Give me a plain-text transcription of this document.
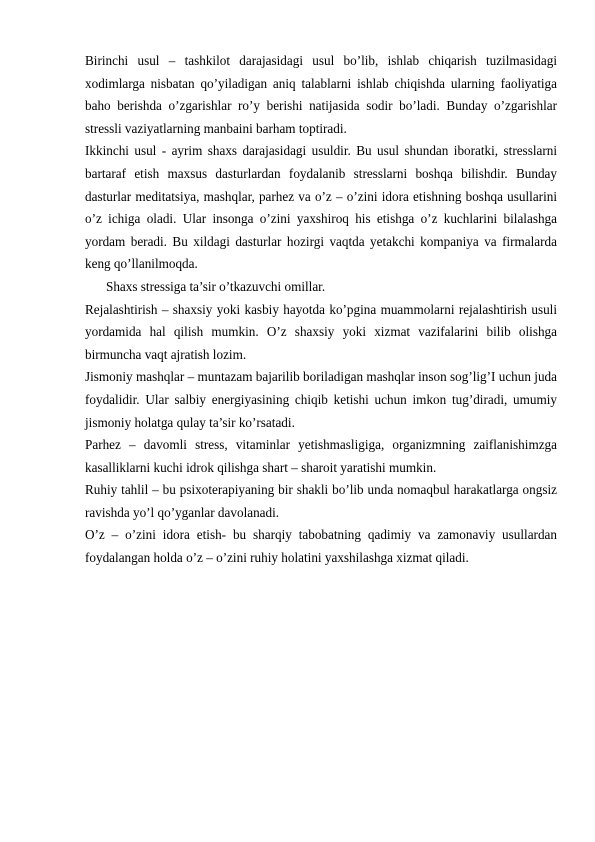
Birinchi usul – tashkilot darajasidagi usul bo’lib, ishlab chiqarish tuzilmasidagi xodimlarga nisbatan qo’yiladigan aniq talablarni ishlab chiqishda ularning faoliyatiga baho berishda o’zgarishlar ro’y berishi natijasida sodir bo’ladi. Bunday o’zgarishlar stressli vaziyatlarning manbaini barham toptiradi.

Ikkinchi usul - ayrim shaxs darajasidagi usuldir. Bu usul shundan iboratki, stresslarni bartaraf etish maxsus dasturlardan foydalanib stresslarni boshqa bilishdir. Bunday dasturlar meditatsiya, mashqlar, parhez va o’z – o’zini idora etishning boshqa usullarini o’z ichiga oladi. Ular insonga o’zini yaxshiroq his etishga o’z kuchlarini bilalashga yordam beradi. Bu xildagi dasturlar hozirgi vaqtda yetakchi kompaniya va firmalarda keng qo’llanilmoqda.

Shaxs stressiga ta’sir o’tkazuvchi omillar.

Rejalashtirish – shaxsiy yoki kasbiy hayotda ko’pgina muammolarni rejalashtirish usuli yordamida hal qilish mumkin. O’z shaxsiy yoki xizmat vazifalarini bilib olishga birmuncha vaqt ajratish lozim.

Jismoniy mashqlar – muntazam bajarilib boriladigan mashqlar inson sog’lig’I uchun juda foydalidir. Ular salbiy energiyasining chiqib ketishi uchun imkon tug’diradi, umumiy jismoniy holatga qulay ta’sir ko’rsatadi.

Parhez – davomli stress, vitaminlar yetishmasligiga, organizmning zaiflanishimzga kasalliklarni kuchi idrok qilishga shart – sharoit yaratishi mumkin.

Ruhiy tahlil – bu psixoterapiyaning bir shakli bo’lib unda nomaqbul harakatlarga ongsiz ravishda yo’l qo’yganlar davolanadi.

O’z – o’zini idora etish- bu sharqiy tabobatning qadimiy va zamonaviy usullardan foydalangan holda o’z – o’zini ruhiy holatini yaxshilashga xizmat qiladi.
